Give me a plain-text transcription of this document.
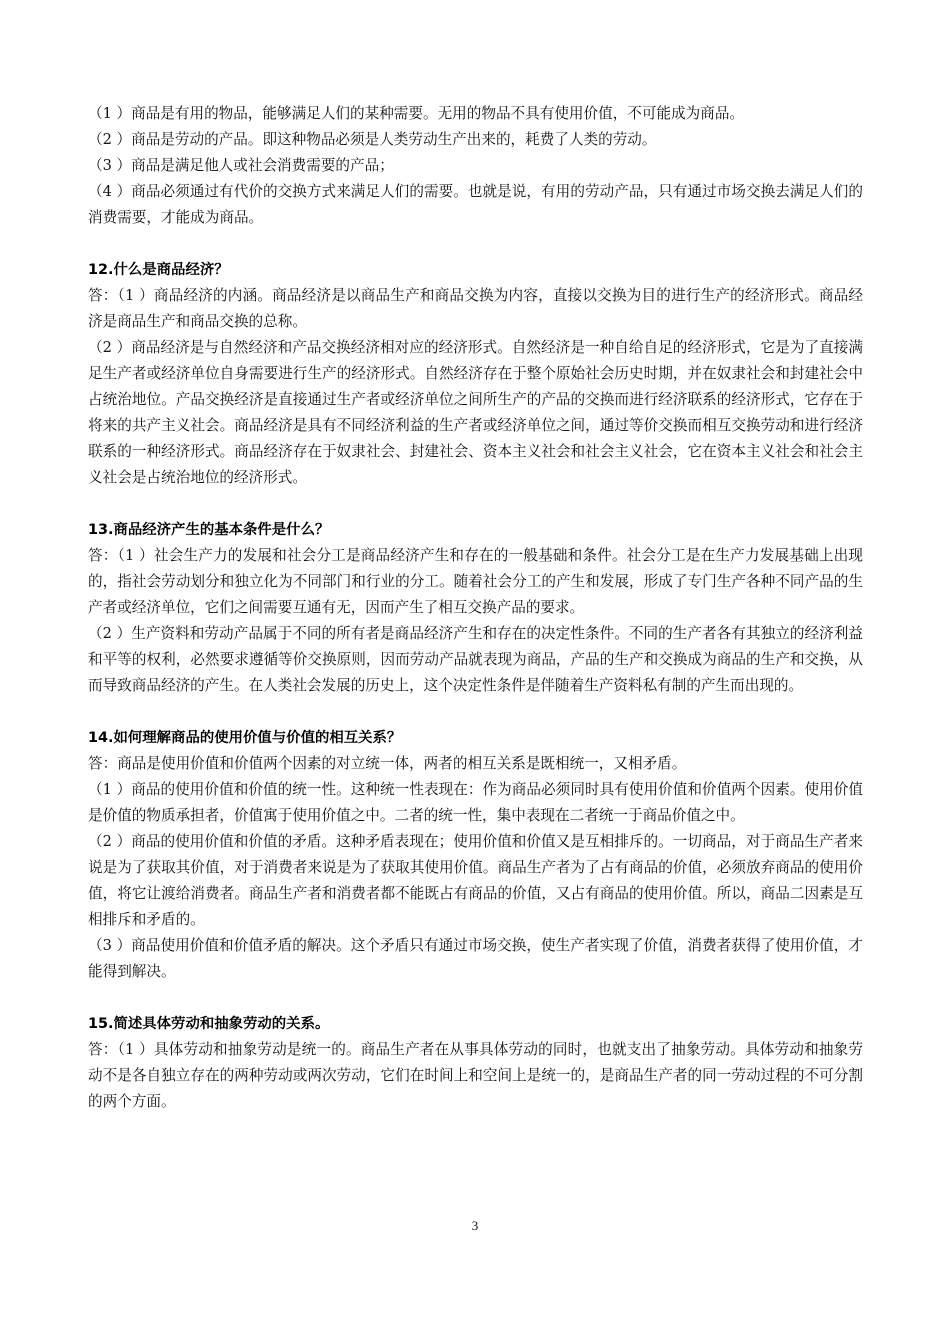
（1 ）商品是有用的物品，能够满足人们的某种需要。无用的物品不具有使用价值，不可能成为商品。

（2 ）商品是劳动的产品。即这种物品必须是人类劳动生产出来的，耗费了人类的劳动。

（3 ）商品是满足他人或社会消费需要的产品；

（4 ）商品必须通过有代价的交换方式来满足人们的需要。也就是说，有用的劳动产品，只有通过市场交换去满足人们的消费需要，才能成为商品。

12.什么是商品经济？

答：（1 ）商品经济的内涵。商品经济是以商品生产和商品交换为内容，直接以交换为目的进行生产的经济形式。商品经济是商品生产和商品交换的总称。

（2 ）商品经济是与自然经济和产品交换经济相对应的经济形式。自然经济是一种自给自足的经济形式，它是为了直接满足生产者或经济单位自身需要进行生产的经济形式。自然经济存在于整个原始社会历史时期，并在奴隶社会和封建社会中占统治地位。产品交换经济是直接通过生产者或经济单位之间所生产的产品的交换而进行经济联系的经济形式，它存在于将来的共产主义社会。商品经济是具有不同经济利益的生产者或经济单位之间，通过等价交换而相互交换劳动和进行经济联系的一种经济形式。商品经济存在于奴隶社会、封建社会、资本主义社会和社会主义社会，它在资本主义社会和社会主义社会是占统治地位的经济形式。

13.商品经济产生的基本条件是什么？

答：（1 ）社会生产力的发展和社会分工是商品经济产生和存在的一般基础和条件。社会分工是在生产力发展基础上出现的，指社会劳动划分和独立化为不同部门和行业的分工。随着社会分工的产生和发展，形成了专门生产各种不同产品的生产者或经济单位，它们之间需要互通有无，因而产生了相互交换产品的要求。

（2 ）生产资料和劳动产品属于不同的所有者是商品经济产生和存在的决定性条件。不同的生产者各有其独立的经济利益和平等的权利，必然要求遵循等价交换原则，因而劳动产品就表现为商品，产品的生产和交换成为商品的生产和交换，从而导致商品经济的产生。在人类社会发展的历史上，这个决定性条件是伴随着生产资料私有制的产生而出现的。

14.如何理解商品的使用价值与价值的相互关系？

答：商品是使用价值和价值两个因素的对立统一体，两者的相互关系是既相统一，又相矛盾。

（1 ）商品的使用价值和价值的统一性。这种统一性表现在：作为商品必须同时具有使用价值和价值两个因素。使用价值是价值的物质承担者，价值寓于使用价值之中。二者的统一性，集中表现在二者统一于商品价值之中。

（2 ）商品的使用价值和价值的矛盾。这种矛盾表现在；使用价值和价值又是互相排斥的。一切商品，对于商品生产者来说是为了获取其价值，对于消费者来说是为了获取其使用价值。商品生产者为了占有商品的价值，必须放弃商品的使用价值，将它让渡给消费者。商品生产者和消费者都不能既占有商品的价值，又占有商品的使用价值。所以，商品二因素是互相排斥和矛盾的。

（3 ）商品使用价值和价值矛盾的解决。这个矛盾只有通过市场交换，使生产者实现了价值，消费者获得了使用价值，才能得到解决。

15.简述具体劳动和抽象劳动的关系。

答：（1 ）具体劳动和抽象劳动是统一的。商品生产者在从事具体劳动的同时，也就支出了抽象劳动。具体劳动和抽象劳动不是各自独立存在的两种劳动或两次劳动，它们在时间上和空间上是统一的，是商品生产者的同一劳动过程的不可分割的两个方面。

3
